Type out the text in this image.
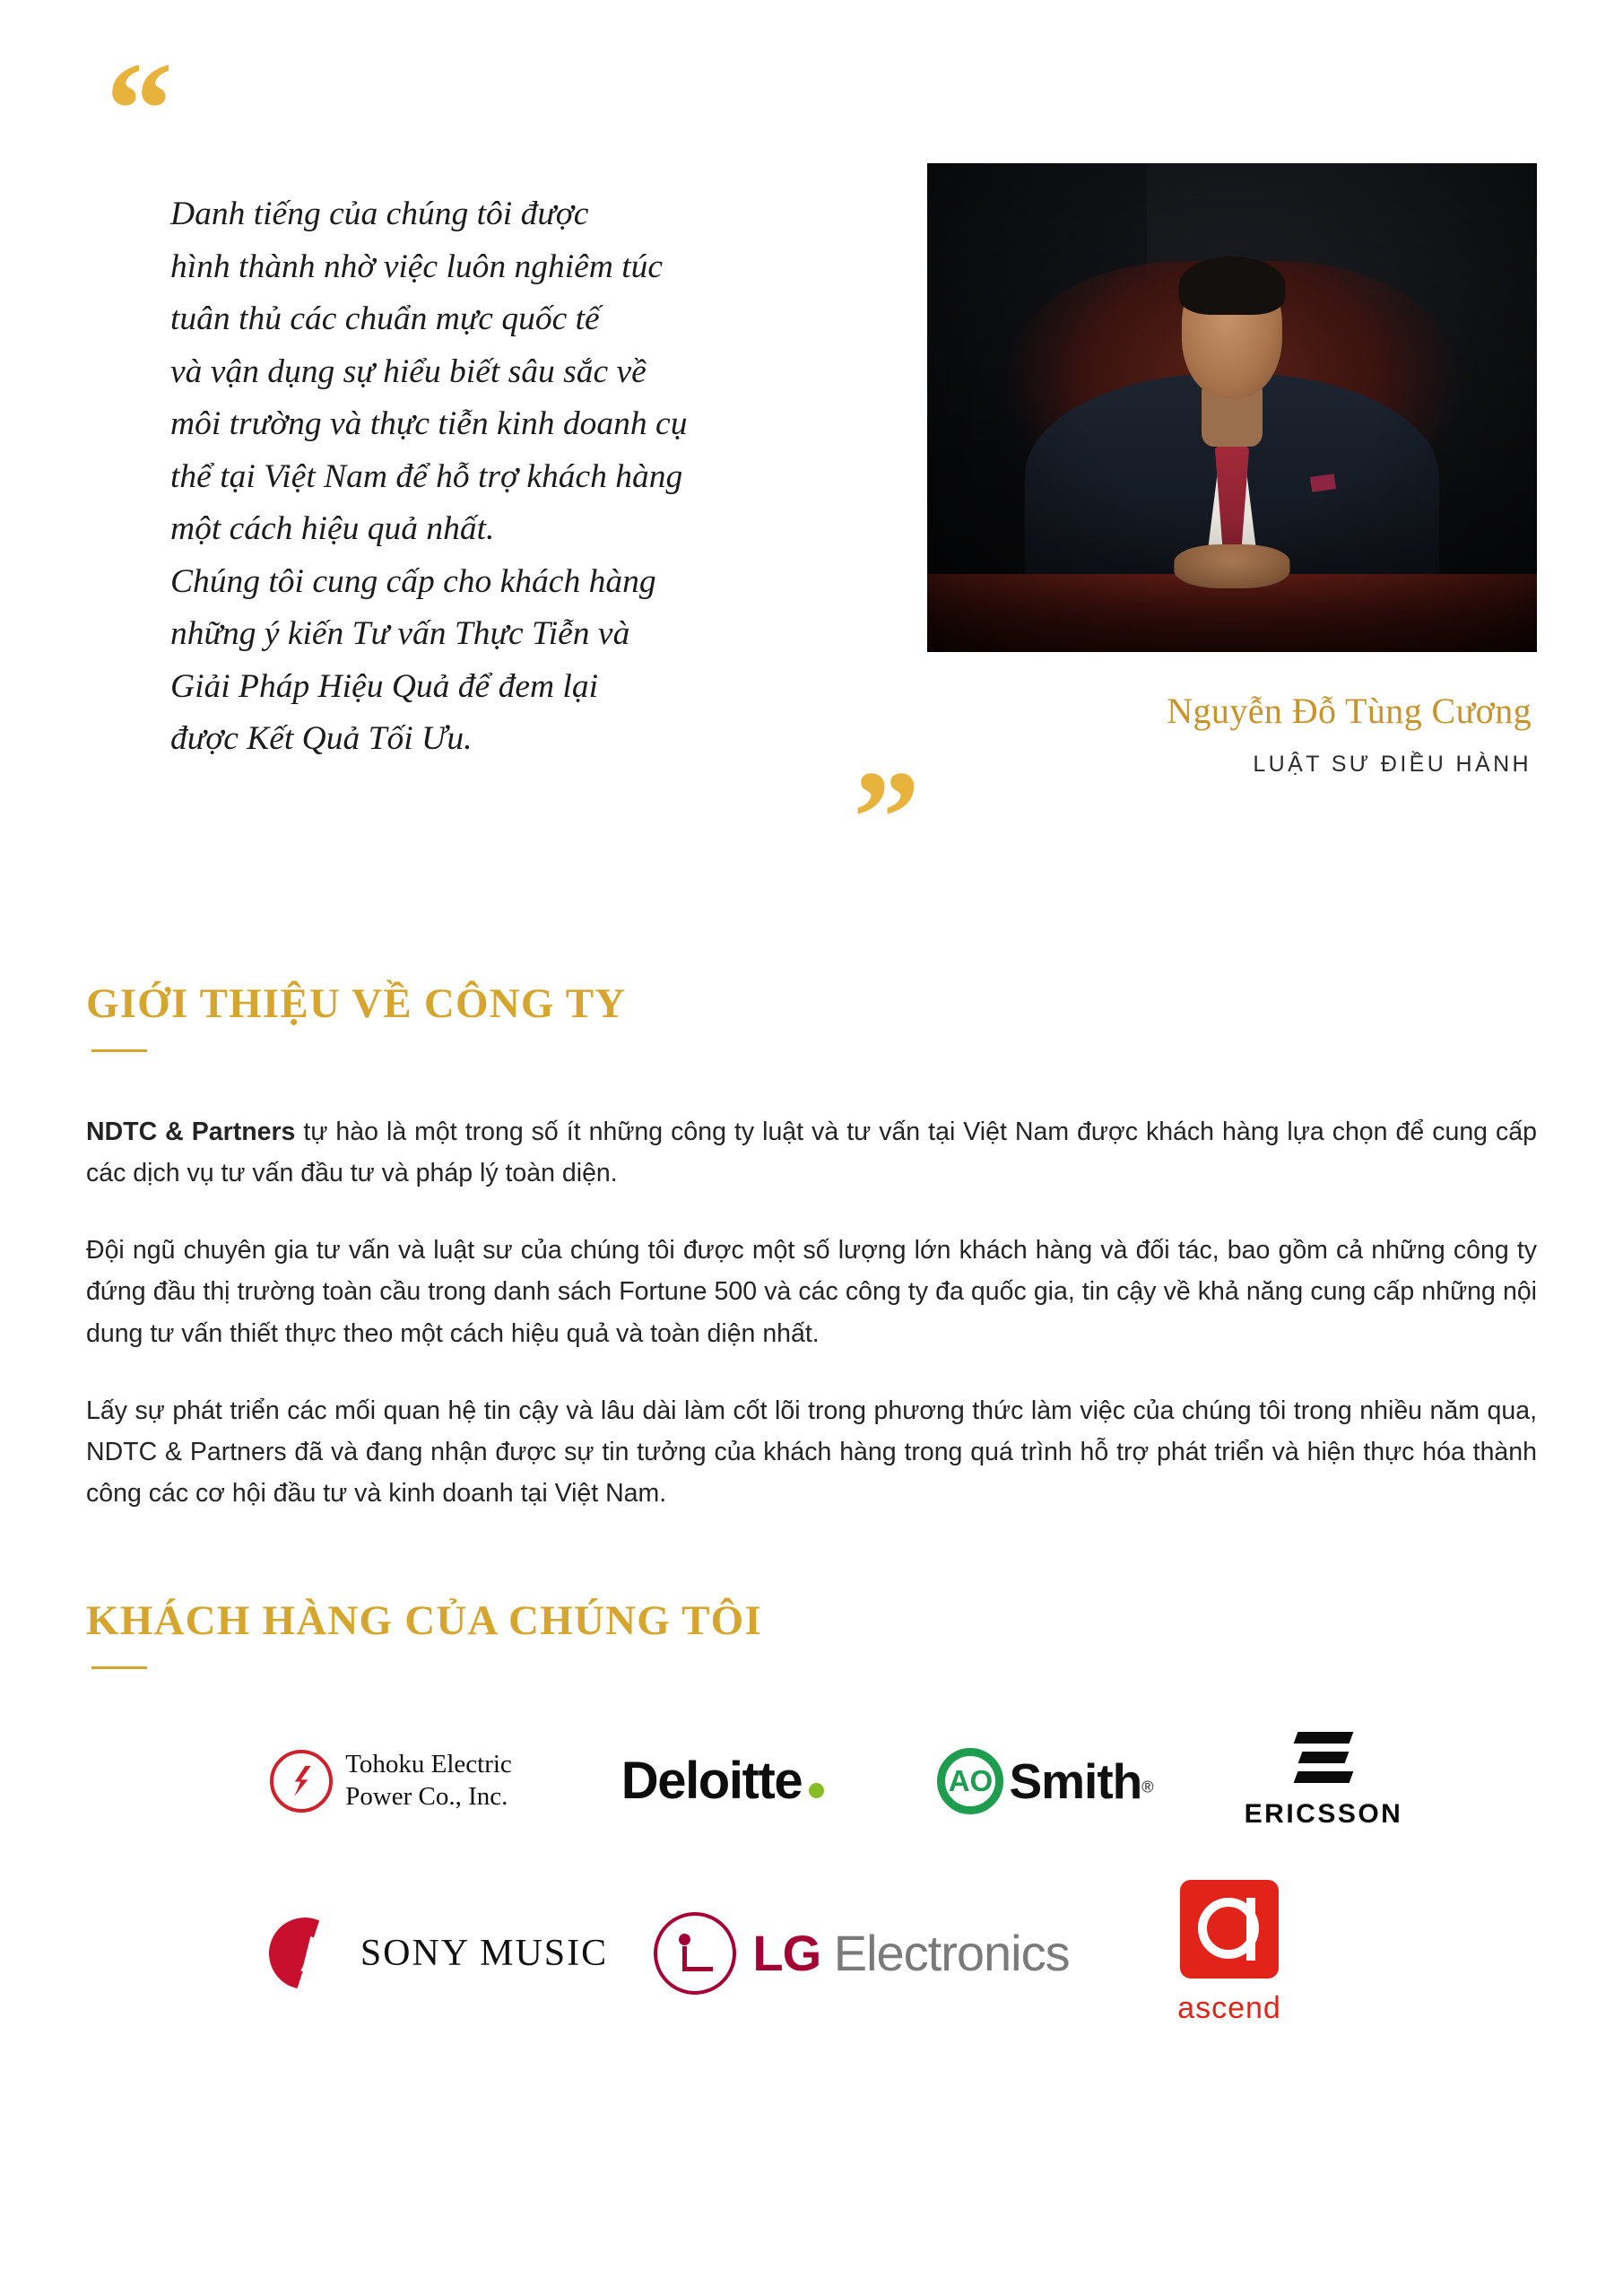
“

Danh tiếng của chúng tôi được

hình thành nhờ việc luôn nghiêm túc

tuân thủ các chuẩn mực quốc tế

và vận dụng sự hiểu biết sâu sắc về

môi trường và thực tiễn kinh doanh cụ

thể tại Việt Nam để hỗ trợ khách hàng

một cách hiệu quả nhất.

Chúng tôi cung cấp cho khách hàng

những ý kiến Tư vấn Thực Tiễn và

Giải Pháp Hiệu Quả để đem lại

được Kết Quả Tối Ưu.

”
Nguyễn Đỗ Tùng Cương
LUẬT SƯ ĐIỀU HÀNH
GIỚI THIỆU VỀ CÔNG TY

NDTC & Partners tự hào là một trong số ít những công ty luật và tư vấn tại Việt Nam được khách hàng lựa chọn để cung cấp các dịch vụ tư vấn đầu tư và pháp lý toàn diện.

Đội ngũ chuyên gia tư vấn và luật sư của chúng tôi được một số lượng lớn khách hàng và đối tác, bao gồm cả những công ty đứng đầu thị trường toàn cầu trong danh sách Fortune 500 và các công ty đa quốc gia, tin cậy về khả năng cung cấp những nội dung tư vấn thiết thực theo một cách hiệu quả và toàn diện nhất.

Lấy sự phát triển các mối quan hệ tin cậy và lâu dài làm cốt lõi trong phương thức làm việc của chúng tôi trong nhiều năm qua, NDTC & Partners đã và đang nhận được sự tin tưởng của khách hàng trong quá trình hỗ trợ phát triển và hiện thực hóa thành công các cơ hội đầu tư và kinh doanh tại Việt Nam.

KHÁCH HÀNG CỦA CHÚNG TÔI
Tohoku Electric
Power Co., Inc. Deloitte	AO Smith®
ERICSSON
SONY MUSIC	LG Electronics
ascend
